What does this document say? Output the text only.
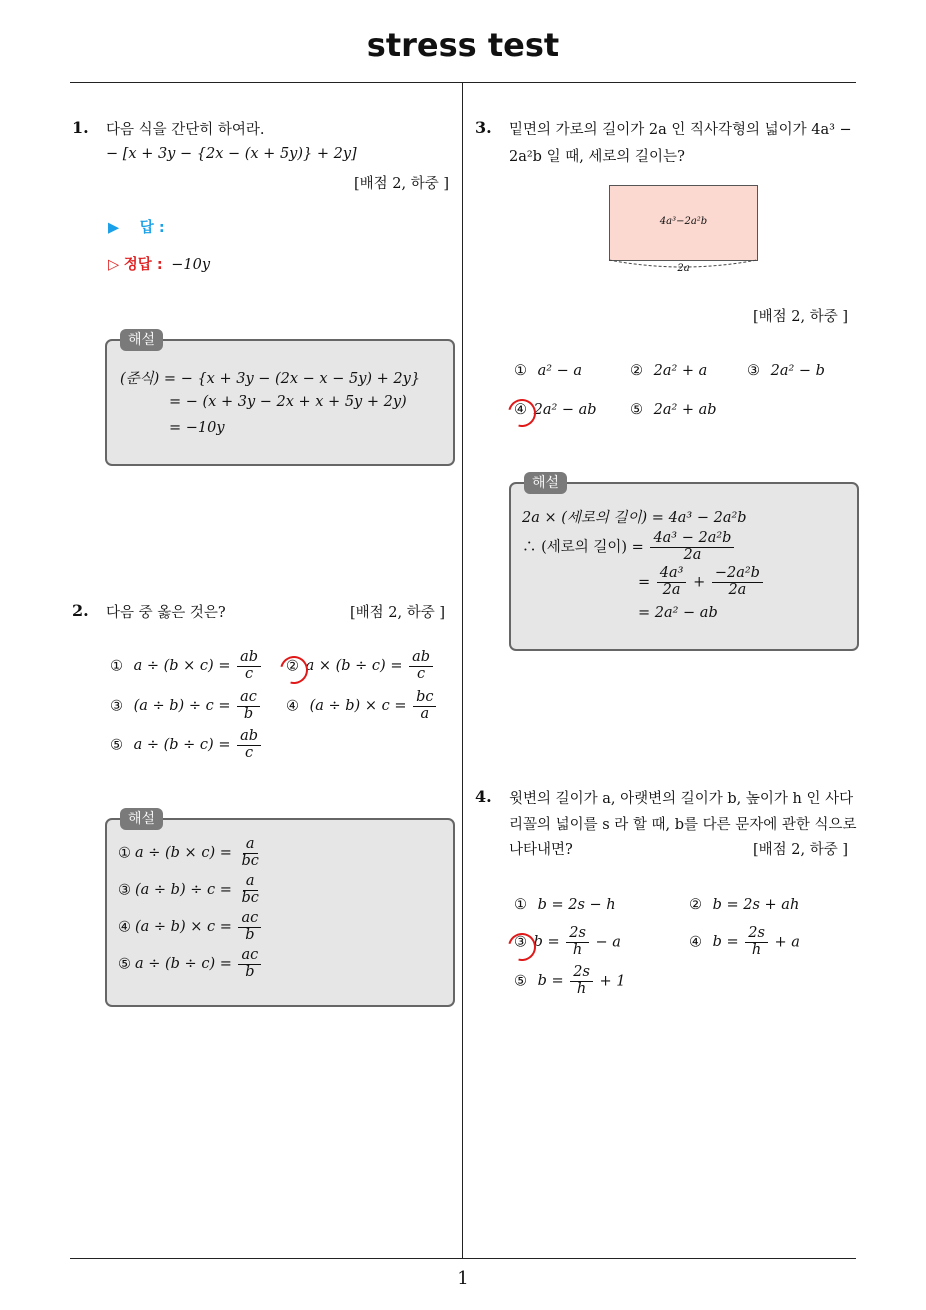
stress test
1
1. 다음 식을 간단히 하여라.
− [x + 3y − {2x − (x + 5y)} + 2y]
[배점 2, 하중 ]
▶ 답 :
▷ 정답 : −10y
해설
(준식) = − {x + 3y − (2x − x − 5y) + 2y}
= − (x + 3y − 2x + x + 5y + 2y)
= −10y
2. 다음 중 옳은 것은?	[배점 2, 하중 ]
① $a \div (b \times c) = \frac{ab}{c}$ ② $a \times (b \div c) = \frac{ab}{c}$
③ $(a \div b) \div c = \frac{ac}{b}$ ④ $(a \div b) \times c = \frac{bc}{a}$
⑤ $a \div (b \div c) = \frac{ab}{c}$
해설
① $a \div (b \times c) = \frac{a}{bc}$
③ $(a \div b) \div c = \frac{a}{bc}$
④ $(a \div b) \times c = \frac{ac}{b}$
⑤ $a \div (b \div c) = \frac{ac}{b}$
3. 밑면의 가로의 길이가 2a 인 직사각형의 넓이가 4a³ −
2a²b 일 때, 세로의 길이는?
4a³−2a²b
2a
[배점 2, 하중 ]
① a² − a	② 2a² + a	③ 2a² − b
④ 2a² − ab ⑤ 2a² + ab
해설
2a × (세로의 길이) = 4a³ − 2a²b
∴ (세로의 길이) = $\frac{\text{4a³ − 2a²b}}{2a}$
= $\frac{\text{4a³}}{2a} + \frac{\text{−2a²b}}{2a}$
= 2a² − ab
4. 윗변의 길이가 a, 아랫변의 길이가 b, 높이가 h 인 사다
리꼴의 넓이를 s 라 할 때, b를 다른 문자에 관한 식으로
나타내면?	[배점 2, 하중 ]
① b = 2s − h	② b = 2s + ah
③ $b = \frac{2s}{h} - a$	④ $b = \frac{2s}{h} + a$
⑤ $b = \frac{2s}{h} + 1$
